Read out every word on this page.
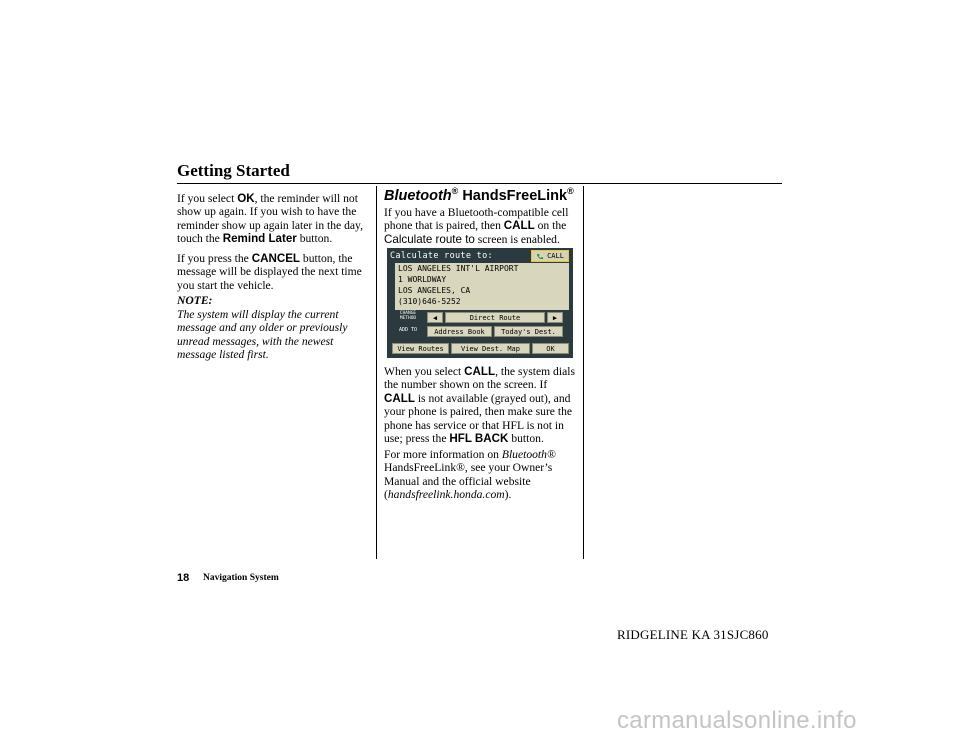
Getting Started

If you select OK, the reminder will not show up again. If you wish to have the reminder show up again later in the day, touch the Remind Later button.

If you press the CANCEL button, the message will be displayed the next time you start the vehicle.

NOTE:

The system will display the current message and any older or previously unread messages, with the newest message listed first.

Bluetooth® HandsFreeLink®

If you have a Bluetooth-compatible cell phone that is paired, then CALL on the Calculate route to screen is enabled.

Calculate route to:	CALL
LOS ANGELES INT'L AIRPORT
1 WORLDWAY
LOS ANGELES, CA
(310)646-5252
CHANGE METHOD	◀	Direct Route	▶
ADD TO	Address Book	Today's Dest.
View Routes	View Dest. Map	OK

When you select CALL, the system dials the number shown on the screen. If CALL is not available (grayed out), and your phone is paired, then make sure the phone has service or that HFL is not in use; press the HFL BACK button.

For more information on Bluetooth® HandsFreeLink®, see your Owner’s Manual and the official website (handsfreelink.honda.com).

18 Navigation System
RIDGELINE KA 31SJC860
carmanualsonline.info
